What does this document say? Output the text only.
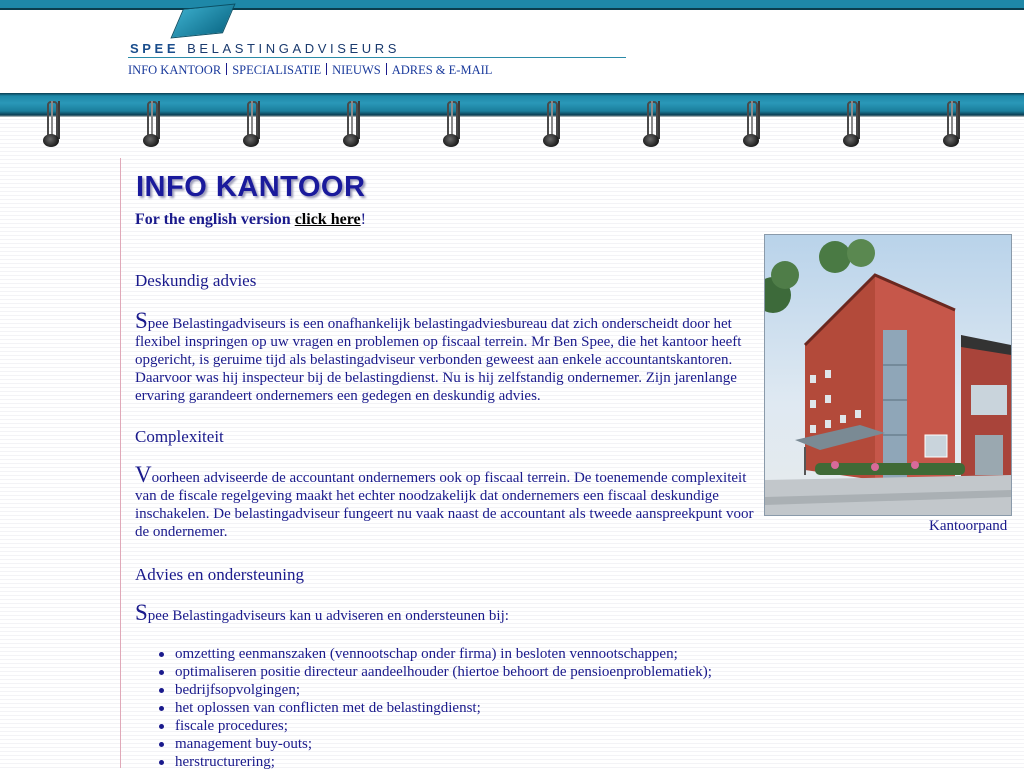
SPEE BELASTINGADVISEURS

INFO KANTOOR SPECIALISATIE NIEUWS ADRES & E-MAIL
INFO KANTOOR
For the english version click here!
Deskundig advies

Spee Belastingadviseurs is een onafhankelijk belastingadviesbureau dat zich onderscheidt door het flexibel inspringen op uw vragen en problemen op fiscaal terrein. Mr Ben Spee, die het kantoor heeft opgericht, is geruime tijd als belastingadviseur verbonden geweest aan enkele accountantskantoren. Daarvoor was hij inspecteur bij de belastingdienst. Nu is hij zelfstandig ondernemer. Zijn jarenlange ervaring garandeert ondernemers een gedegen en deskundig advies.

Complexiteit

Voorheen adviseerde de accountant ondernemers ook op fiscaal terrein. De toenemende complexiteit van de fiscale regelgeving maakt het echter noodzakelijk dat ondernemers een fiscaal deskundige inschakelen. De belastingadviseur fungeert nu vaak naast de accountant als tweede aanspreekpunt voor de ondernemer.

Advies en ondersteuning

Spee Belastingadviseurs kan u adviseren en ondersteunen bij:

omzetting eenmanszaken (vennootschap onder firma) in besloten vennootschappen;
optimaliseren positie directeur aandeelhouder (hiertoe behoort de pensioenproblematiek);
bedrijfsopvolgingen;
het oplossen van conflicten met de belastingdienst;
fiscale procedures;
management buy-outs;
herstructurering;
Kantoorpand
